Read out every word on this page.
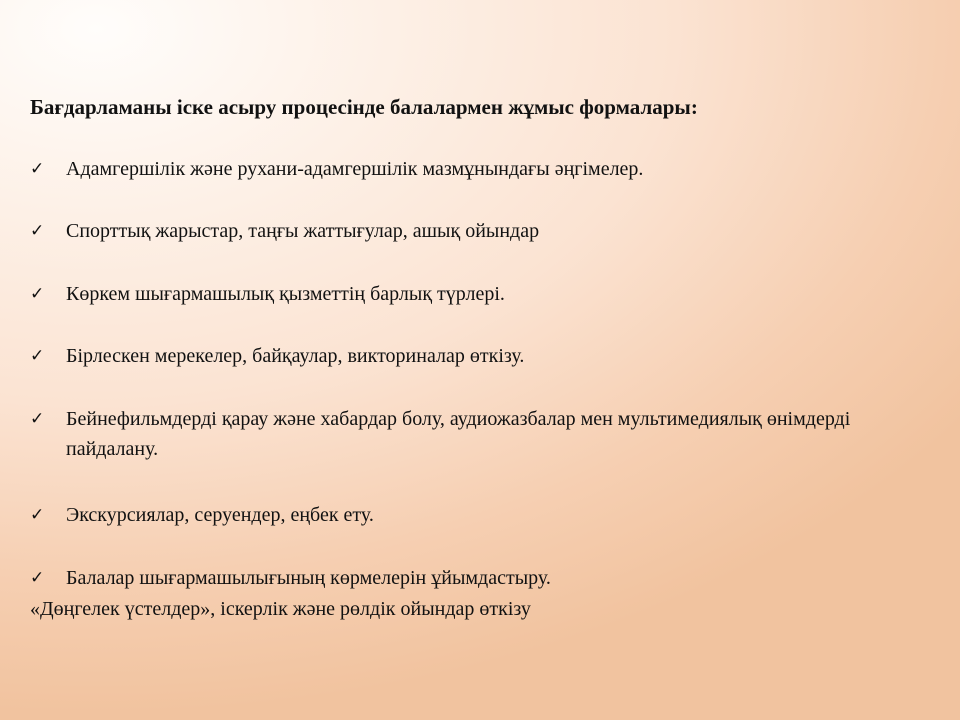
Бағдарламаны іске асыру процесінде балалармен жұмыс формалары:
✓ Адамгершілік және рухани-адамгершілік мазмұнындағы әңгімелер.
✓ Спорттық жарыстар, таңғы жаттығулар, ашық ойындар
✓ Көркем шығармашылық қызметтің барлық түрлері.
✓ Бірлескен мерекелер, байқаулар, викториналар өткізу.
✓ Бейнефильмдерді қарау және хабардар болу, аудиожазбалар мен мультимедиялық өнімдерді пайдалану.
✓ Экскурсиялар, серуендер, еңбек ету.
✓ Балалар шығармашылығының көрмелерін ұйымдастыру.
«Дөңгелек үстелдер», іскерлік және рөлдік ойындар өткізу
